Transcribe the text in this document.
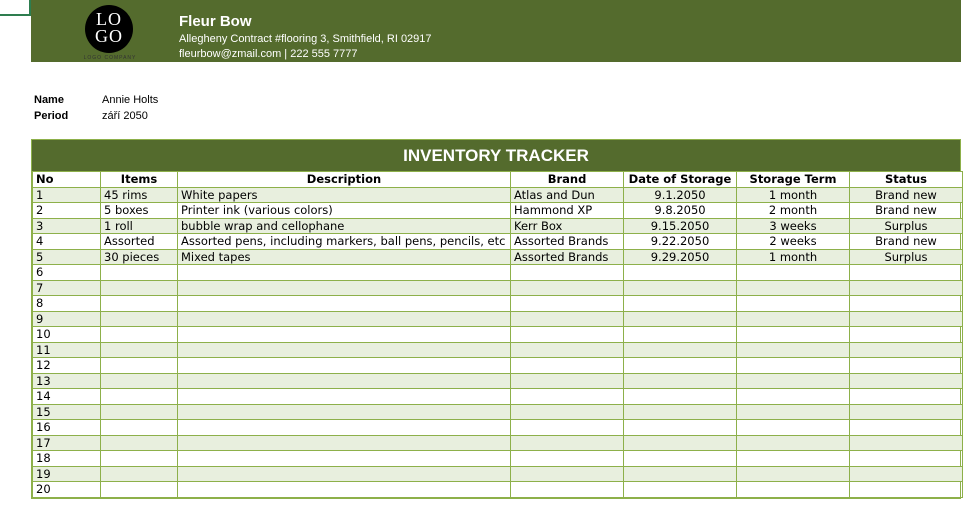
LO
GO
LOGO COMPANY
Fleur Bow
Allegheny Contract #flooring 3, Smithfield, RI 02917
fleurbow@zmail.com | 222 555 7777
Name	Annie Holts
Period	září 2050
INVENTORY TRACKER
No	Items	Description	Brand	Date of Storage	Storage Term	Status
1	45 rims	White papers	Atlas and Dun	9.1.2050	1 month	Brand new
2	5 boxes	Printer ink (various colors)	Hammond XP	9.8.2050	2 month	Brand new
3	1 roll	bubble wrap and cellophane	Kerr Box	9.15.2050	3 weeks	Surplus
4	Assorted	Assorted pens, including markers, ball pens, pencils, etc	Assorted Brands	9.22.2050	2 weeks	Brand new
5	30 pieces	Mixed tapes	Assorted Brands	9.29.2050	1 month	Surplus
6						
7						
8						
9						
10						
11						
12						
13						
14						
15						
16						
17						
18						
19						
20						
